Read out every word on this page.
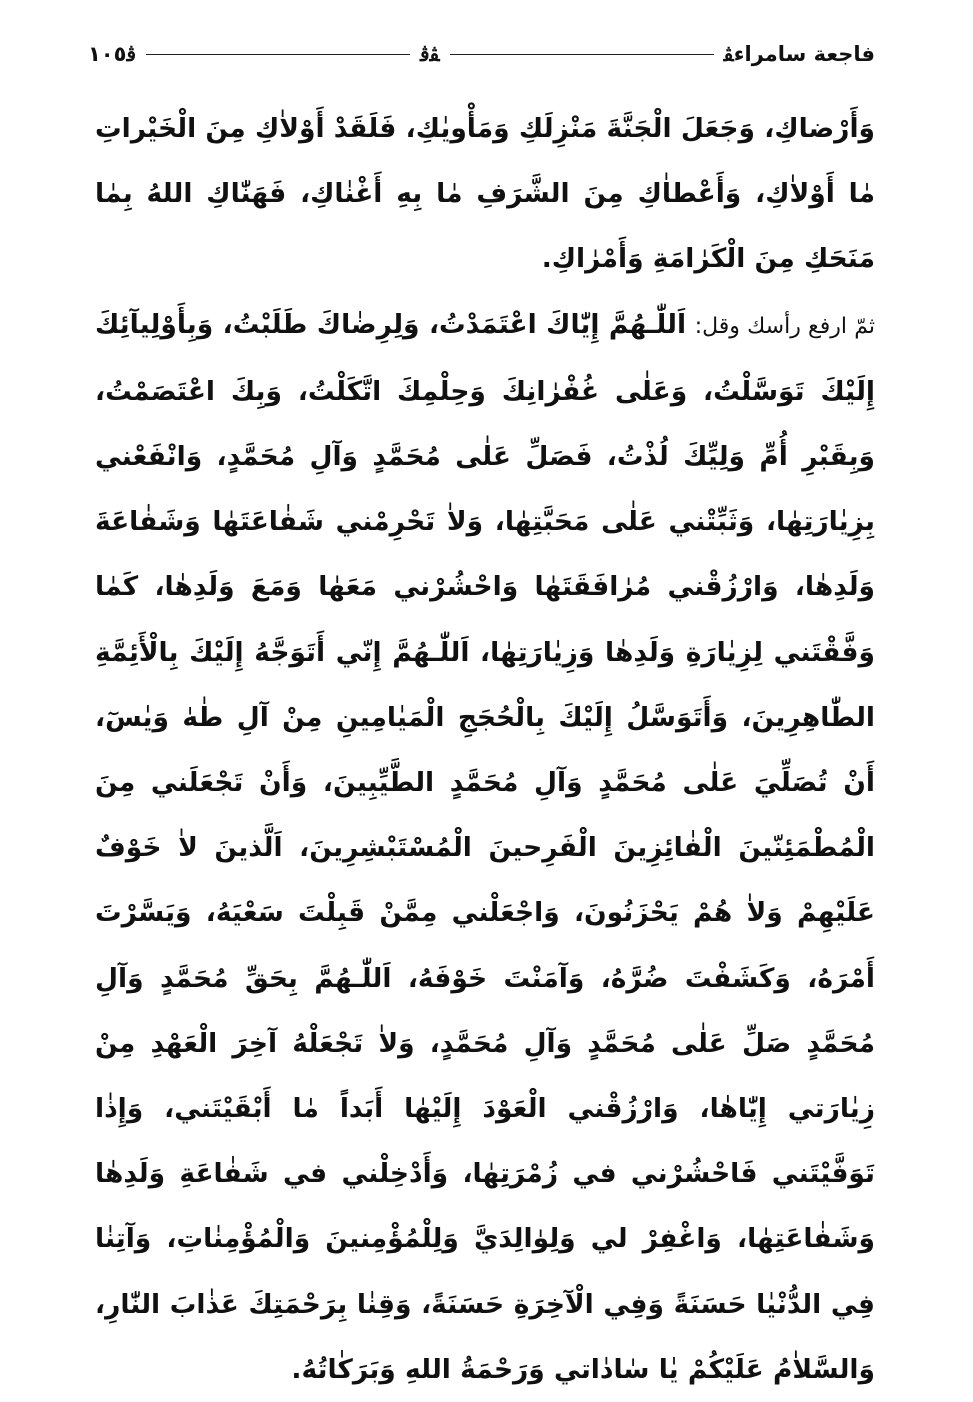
فاجعة سامراء
ﭭ
ﭭﭬ
ﭬ
١٠٥

وَأَرْضاكِ، وَجَعَلَ الْجَنَّةَ مَنْزِلَكِ وَمَأْويٰكِ، فَلَقَدْ أَوْلاٰكِ مِنَ الْخَيْراتِ مٰا أَوْلاٰكِ، وَأَعْطاٰكِ مِنَ الشَّرَفِ مٰا بِهِ أَغْنٰاكِ، فَهَنّٰاكِ اللهُ بِمٰا مَنَحَكِ مِنَ الْكَرٰامَةِ وَأَمْرٰاكِ.

ثمّ ارفع رأسك وقل: اَللّٰـهُمَّ إِيّٰاكَ اعْتَمَدْتُ، وَلِرِضٰاكَ طَلَبْتُ، وَبِأَوْلِيآئِكَ إِلَيْكَ تَوَسَّلْتُ، وَعَلٰى غُفْرٰانِكَ وَحِلْمِكَ اتَّكَلْتُ، وَبِكَ اعْتَصَمْتُ، وَبِقَبْرِ أُمِّ وَلِيِّكَ لُذْتُ، فَصَلِّ عَلٰى مُحَمَّدٍ وَآلِ مُحَمَّدٍ، وَانْفَعْني بِزِيٰارَتِهٰا، وَثَبِّتْني عَلٰى مَحَبَّتِهٰا، وَلاٰ تَحْرِمْني شَفٰاعَتَهٰا وَشَفٰاعَةَ وَلَدِهٰا، وَارْزُقْني مُرٰافَقَتَهٰا وَاحْشُرْني مَعَهٰا وَمَعَ وَلَدِهٰا، كَمٰا وَفَّقْتَني لِزِيٰارَةِ وَلَدِهٰا وَزِيٰارَتِهٰا، اَللّٰـهُمَّ إِنّي أَتَوَجَّهُ إِلَيْكَ بِالْأَئِمَّةِ الطّٰاهِرِينَ، وَأَتَوَسَّلُ إِلَيْكَ بِالْحُجَجِ الْمَيٰامِينِ مِنْ آلِ طٰهٰ وَيٰسٓ، أَنْ تُصَلِّيَ عَلٰى مُحَمَّدٍ وَآلِ مُحَمَّدٍ الطَّيِّبِينَ، وَأَنْ تَجْعَلَني مِنَ الْمُطْمَئِنّينَ الْفٰائِزِينَ الْفَرِحينَ الْمُسْتَبْشِرِينَ، اَلَّذينَ لاٰ خَوْفٌ عَلَيْهِمْ وَلاٰ هُمْ يَحْزَنُونَ، وَاجْعَلْني مِمَّنْ قَبِلْتَ سَعْيَهُ، وَيَسَّرْتَ أَمْرَهُ، وَكَشَفْتَ ضُرَّهُ، وَآمَنْتَ خَوْفَهُ، اَللّٰـهُمَّ بِحَقِّ مُحَمَّدٍ وَآلِ مُحَمَّدٍ صَلِّ عَلٰى مُحَمَّدٍ وَآلِ مُحَمَّدٍ، وَلاٰ تَجْعَلْهُ آخِرَ الْعَهْدِ مِنْ زِيٰارَتي إِيّٰاهٰا، وَارْزُقْني الْعَوْدَ إِلَيْهٰا أَبَداً مٰا أَبْقَيْتَني، وَإِذٰا تَوَفَّيْتَني فَاحْشُرْني في زُمْرَتِهٰا، وَأَدْخِلْني في شَفٰاعَةِ وَلَدِهٰا وَشَفٰاعَتِهٰا، وَاغْفِرْ لي وَلِوٰالِدَيَّ وَلِلْمُؤْمِنينَ وَالْمُؤْمِنٰاتِ، وَآتِنٰا فِي الدُّنْيٰا حَسَنَةً وَفِي الْآخِرَةِ حَسَنَةً، وَقِنٰا بِرَحْمَتِكَ عَذٰابَ النّٰارِ، وَالسَّلاٰمُ عَلَيْكُمْ يٰا سٰادٰاتي وَرَحْمَةُ اللهِ وَبَرَكٰاتُهُ.
